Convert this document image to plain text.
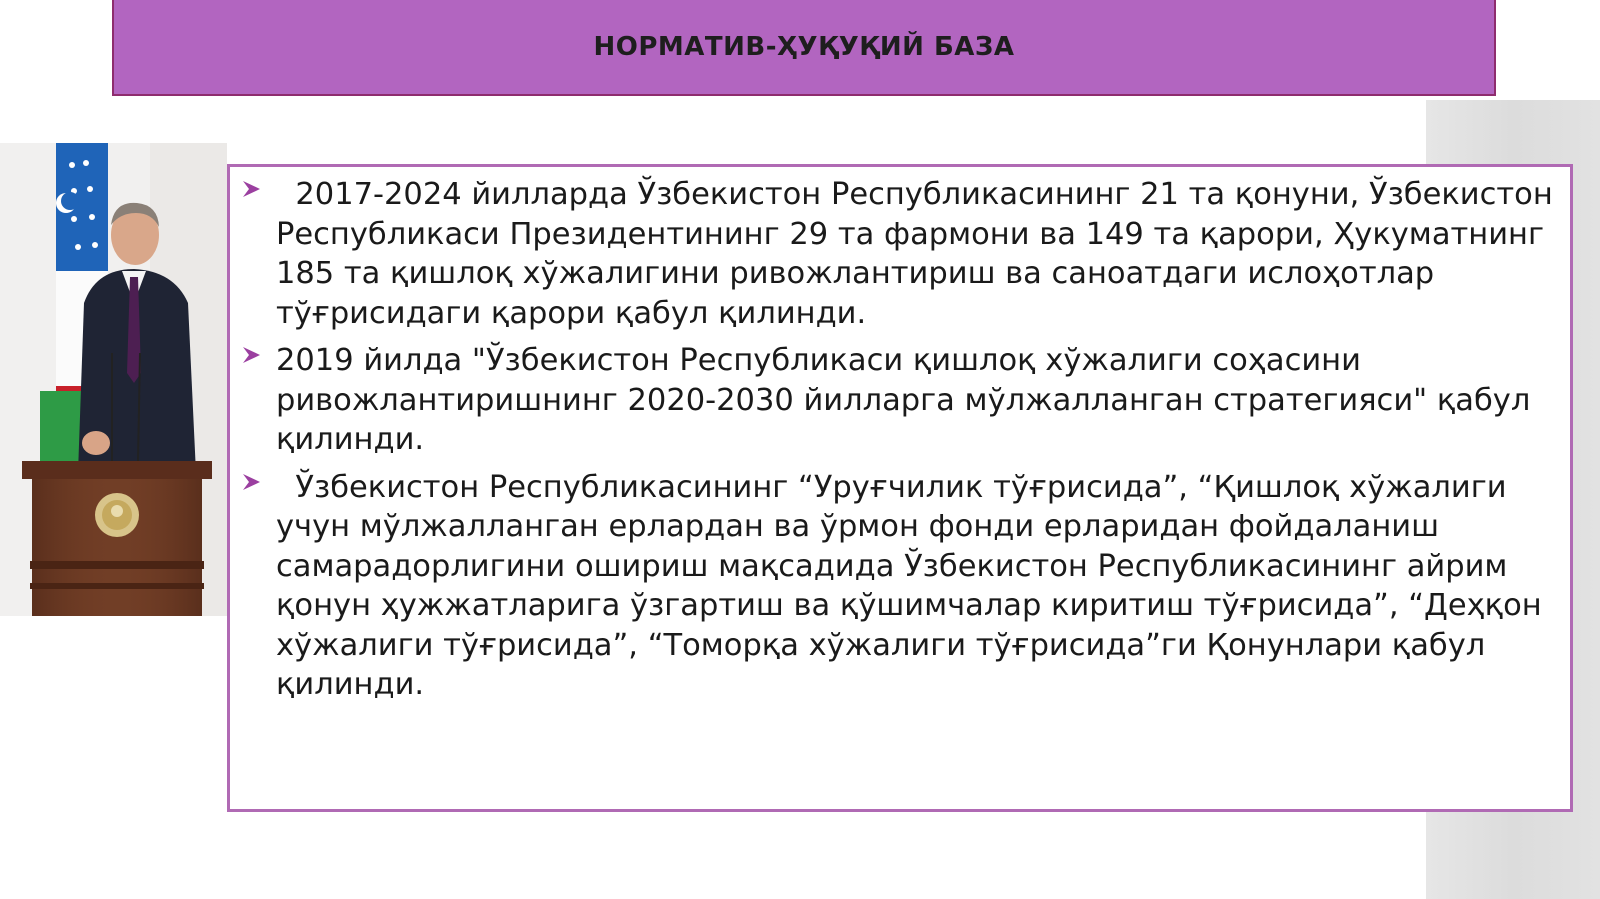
НОРМАТИВ-ҲУҚУҚИЙ БАЗА
2017-2024 йилларда Ўзбекистон Республикасининг 21 та қонуни, Ўзбекистон Республикаси Президентининг 29 та фармони ва 149 та қарори, Ҳукуматнинг 185 та қишлоқ хўжалигини ривожлантириш ва саноатдаги ислоҳотлар тўғрисидаги қарори қабул қилинди.
2019 йилда "Ўзбекистон Республикаси қишлоқ хўжалиги соҳасини ривожлантиришнинг 2020-2030 йилларга мўлжалланган стратегияси" қабул қилинди.
Ўзбекистон Республикасининг “Уруғчилик тўғрисида”, “Қишлоқ хўжалиги учун мўлжалланган ерлардан ва ўрмон фонди ерларидан фойдаланиш самарадорлигини ошириш мақсадида Ўзбекистон Республикасининг айрим қонун ҳужжатларига ўзгартиш ва қўшимчалар киритиш тўғрисида”, “Деҳқон хўжалиги тўғрисида”, “Томорқа хўжалиги тўғрисида”ги Қонунлари қабул қилинди.
